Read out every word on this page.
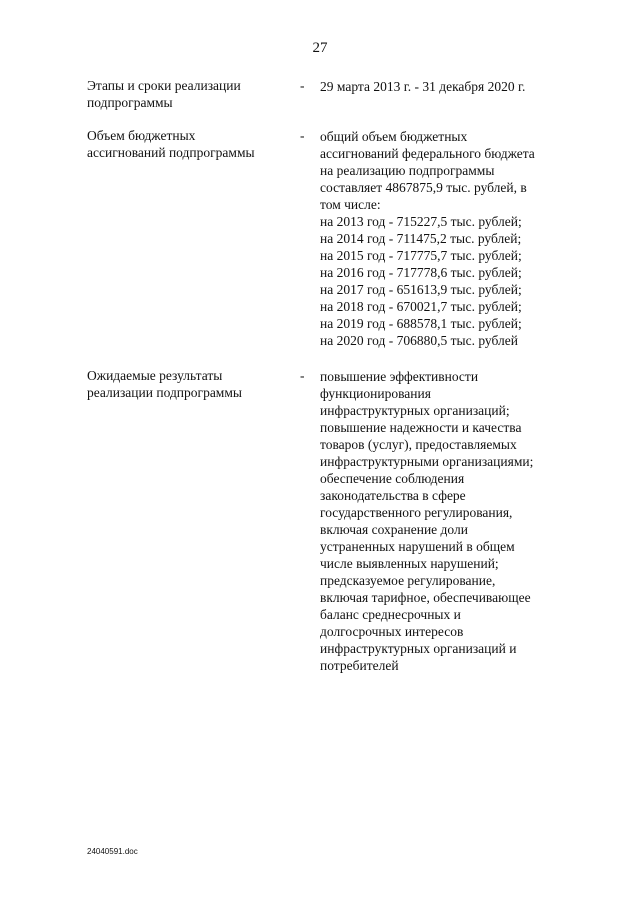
27
Этапы и сроки реализации
подпрограммы
- 29 марта 2013 г. - 31 декабря 2020 г.
Объем бюджетных
ассигнований подпрограммы
- общий объем бюджетных
ассигнований федерального бюджета
на реализацию подпрограммы
составляет 4867875,9 тыс. рублей, в
том числе:
на 2013 год - 715227,5 тыс. рублей;
на 2014 год - 711475,2 тыс. рублей;
на 2015 год - 717775,7 тыс. рублей;
на 2016 год - 717778,6 тыс. рублей;
на 2017 год - 651613,9 тыс. рублей;
на 2018 год - 670021,7 тыс. рублей;
на 2019 год - 688578,1 тыс. рублей;
на 2020 год - 706880,5 тыс. рублей
Ожидаемые результаты
реализации подпрограммы
- повышение эффективности
функционирования
инфраструктурных организаций;
повышение надежности и качества
товаров (услуг), предоставляемых
инфраструктурными организациями;
обеспечение соблюдения
законодательства в сфере
государственного регулирования,
включая сохранение доли
устраненных нарушений в общем
числе выявленных нарушений;
предсказуемое регулирование,
включая тарифное, обеспечивающее
баланс среднесрочных и
долгосрочных интересов
инфраструктурных организаций и
потребителей
24040591.doc
